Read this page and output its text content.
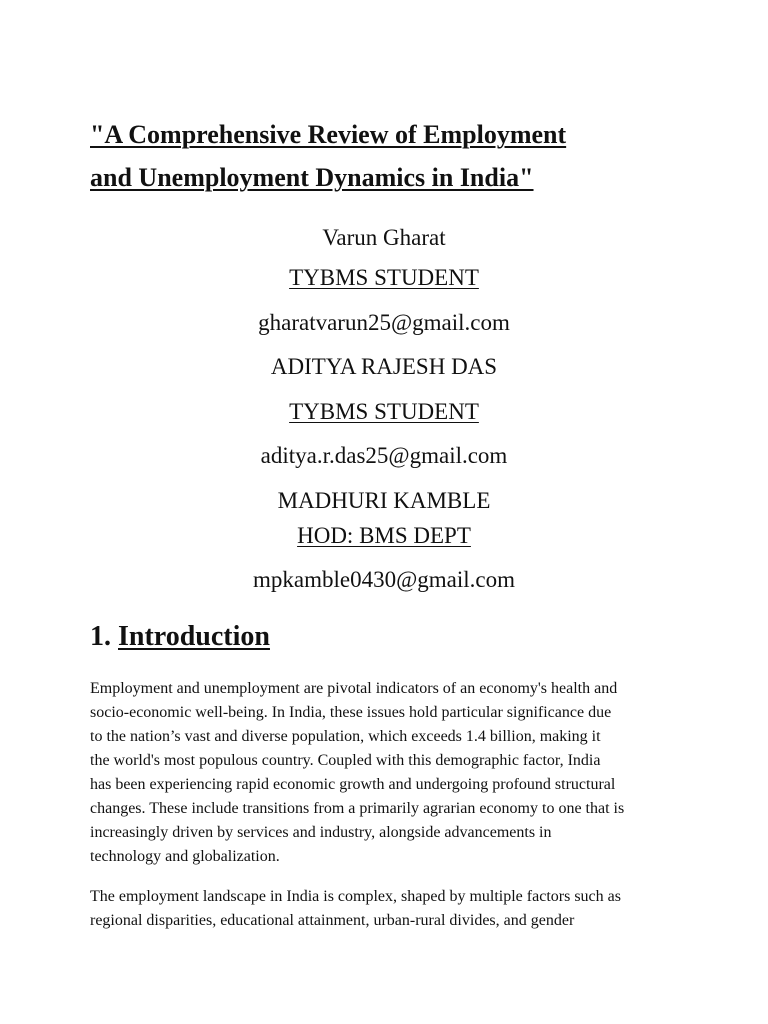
"A Comprehensive Review of Employment
and Unemployment Dynamics in India"

Varun Gharat

TYBMS STUDENT

gharatvarun25@gmail.com

ADITYA RAJESH DAS

TYBMS STUDENT

aditya.r.das25@gmail.com

MADHURI KAMBLE

HOD: BMS DEPT

mpkamble0430@gmail.com

1. Introduction

Employment and unemployment are pivotal indicators of an economy's health and
socio-economic well-being. In India, these issues hold particular significance due
to the nation’s vast and diverse population, which exceeds 1.4 billion, making it
the world's most populous country. Coupled with this demographic factor, India
has been experiencing rapid economic growth and undergoing profound structural
changes. These include transitions from a primarily agrarian economy to one that is
increasingly driven by services and industry, alongside advancements in
technology and globalization.

The employment landscape in India is complex, shaped by multiple factors such as
regional disparities, educational attainment, urban-rural divides, and gender
